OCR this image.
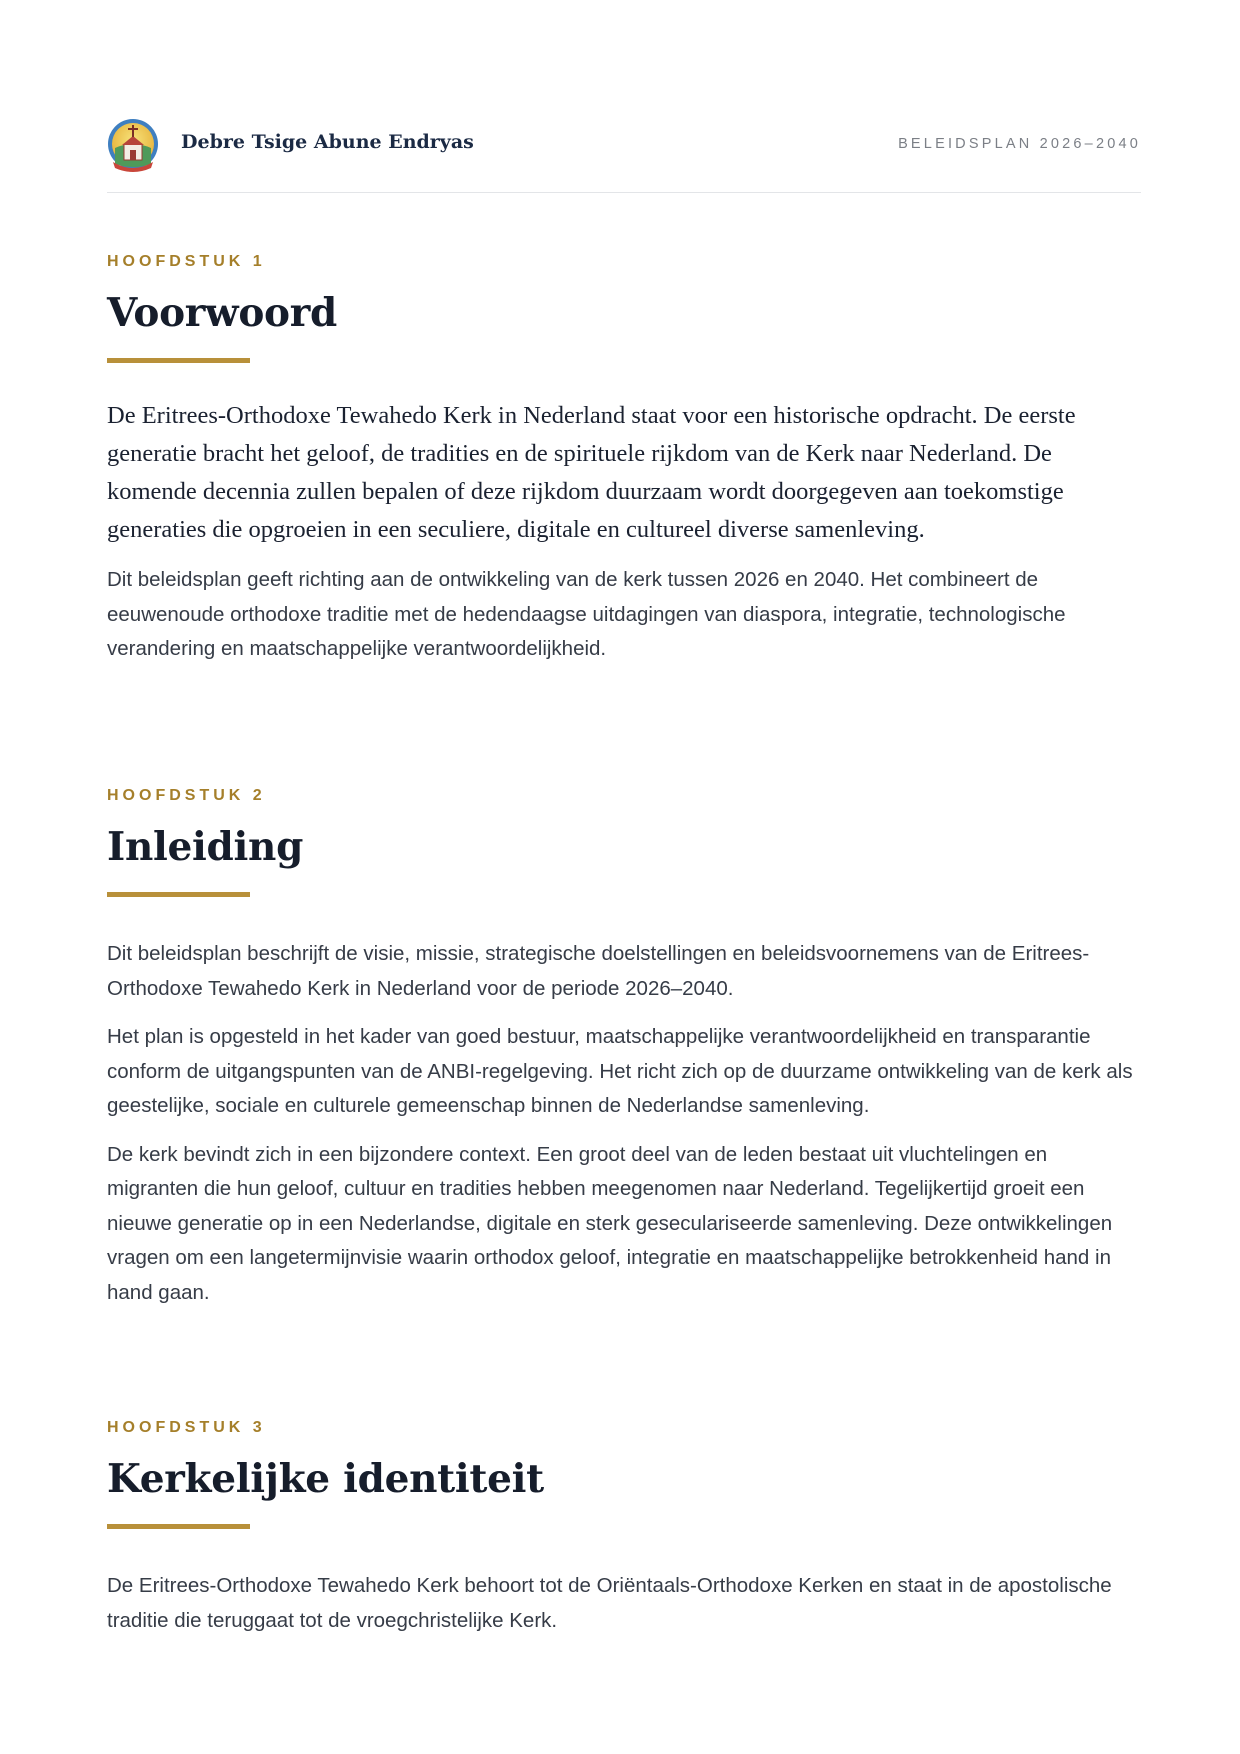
Debre Tsige Abune Endryas	BELEIDSPLAN 2026–2040

HOOFDSTUK 1

Voorwoord

De Eritrees-Orthodoxe Tewahedo Kerk in Nederland staat voor een historische opdracht. De eerste generatie bracht het geloof, de tradities en de spirituele rijkdom van de Kerk naar Nederland. De komende decennia zullen bepalen of deze rijkdom duurzaam wordt doorgegeven aan toekomstige generaties die opgroeien in een seculiere, digitale en cultureel diverse samenleving.

Dit beleidsplan geeft richting aan de ontwikkeling van de kerk tussen 2026 en 2040. Het combineert de eeuwenoude orthodoxe traditie met de hedendaagse uitdagingen van diaspora, integratie, technologische verandering en maatschappelijke verantwoordelijkheid.

HOOFDSTUK 2

Inleiding

Dit beleidsplan beschrijft de visie, missie, strategische doelstellingen en beleidsvoornemens van de Eritrees-Orthodoxe Tewahedo Kerk in Nederland voor de periode 2026–2040.

Het plan is opgesteld in het kader van goed bestuur, maatschappelijke verantwoordelijkheid en transparantie conform de uitgangspunten van de ANBI-regelgeving. Het richt zich op de duurzame ontwikkeling van de kerk als geestelijke, sociale en culturele gemeenschap binnen de Nederlandse samenleving.

De kerk bevindt zich in een bijzondere context. Een groot deel van de leden bestaat uit vluchtelingen en migranten die hun geloof, cultuur en tradities hebben meegenomen naar Nederland. Tegelijkertijd groeit een nieuwe generatie op in een Nederlandse, digitale en sterk geseculariseerde samenleving. Deze ontwikkelingen vragen om een langetermijnvisie waarin orthodox geloof, integratie en maatschappelijke betrokkenheid hand in hand gaan.

HOOFDSTUK 3

Kerkelijke identiteit

De Eritrees-Orthodoxe Tewahedo Kerk behoort tot de Oriëntaals-Orthodoxe Kerken en staat in de apostolische traditie die teruggaat tot de vroegchristelijke Kerk.
